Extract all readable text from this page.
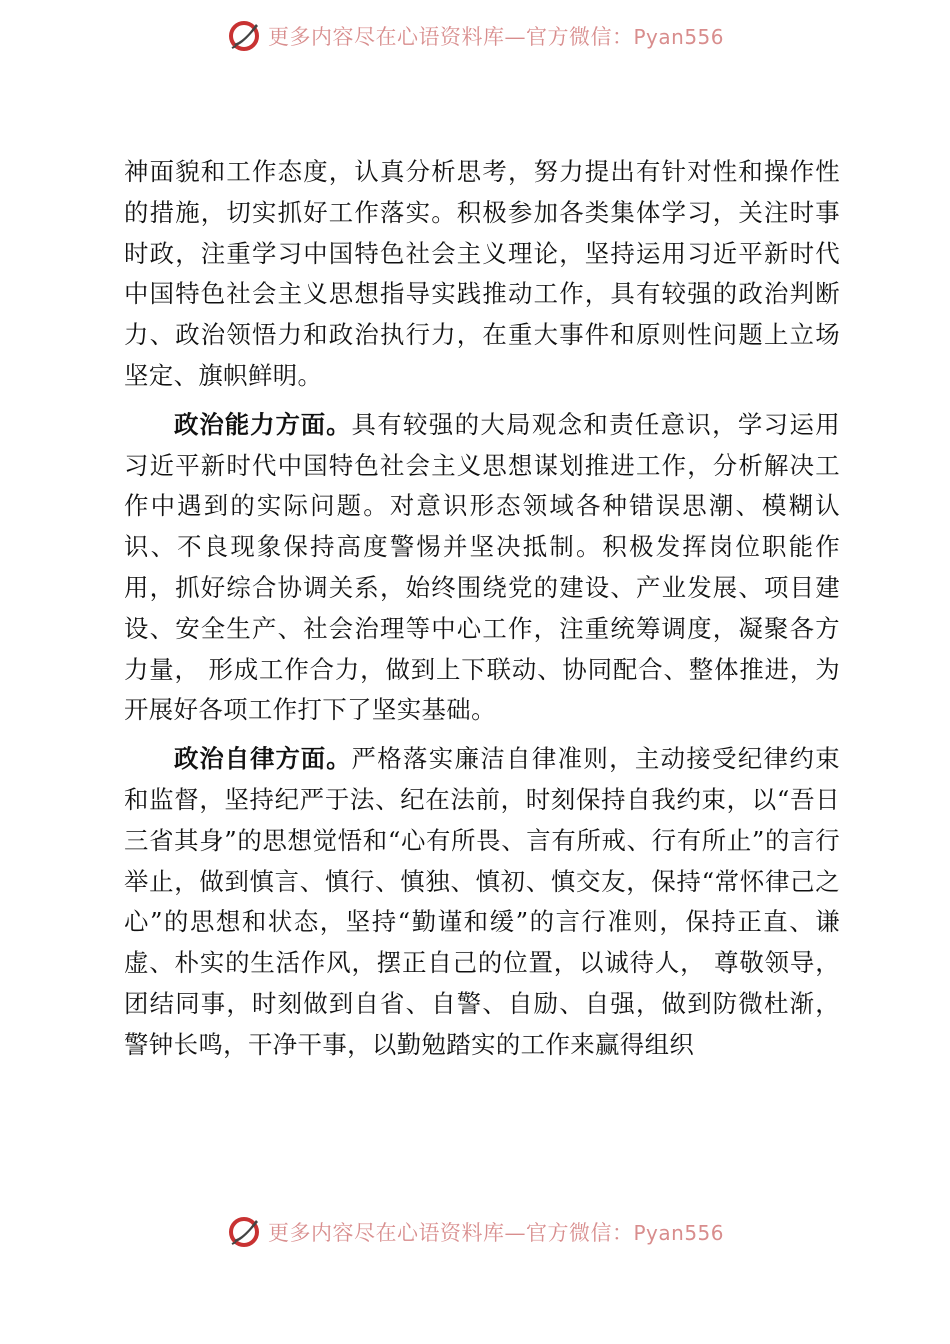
更多内容尽在心语资料库—官方微信：Pyan556

神面貌和工作态度，认真分析思考，努力提出有针对性和操作性的措施，切实抓好工作落实。积极参加各类集体学习，关注时事时政，注重学习中国特色社会主义理论，坚持运用习近平新时代中国特色社会主义思想指导实践推动工作，具有较强的政治判断力、政治领悟力和政治执行力，在重大事件和原则性问题上立场坚定、旗帜鲜明。

政治能力方面。具有较强的大局观念和责任意识，学习运用习近平新时代中国特色社会主义思想谋划推进工作，分析解决工作中遇到的实际问题。对意识形态领域各种错误思潮、模糊认识、不良现象保持高度警惕并坚决抵制。积极发挥岗位职能作用，抓好综合协调关系，始终围绕党的建设、产业发展、项目建设、安全生产、社会治理等中心工作，注重统筹调度，凝聚各方力量， 形成工作合力，做到上下联动、协同配合、整体推进，为开展好各项工作打下了坚实基础。

政治自律方面。严格落实廉洁自律准则，主动接受纪律约束和监督，坚持纪严于法、纪在法前，时刻保持自我约束，以“吾日三省其身”的思想觉悟和“心有所畏、言有所戒、行有所止”的言行举止，做到慎言、慎行、慎独、慎初、慎交友，保持“常怀律己之心”的思想和状态，坚持“勤谨和缓”的言行准则，保持正直、谦虚、朴实的生活作风，摆正自己的位置，以诚待人， 尊敬领导，团结同事，时刻做到自省、自警、自励、自强，做到防微杜渐，警钟长鸣，干净干事，以勤勉踏实的工作来赢得组织

更多内容尽在心语资料库—官方微信：Pyan556
